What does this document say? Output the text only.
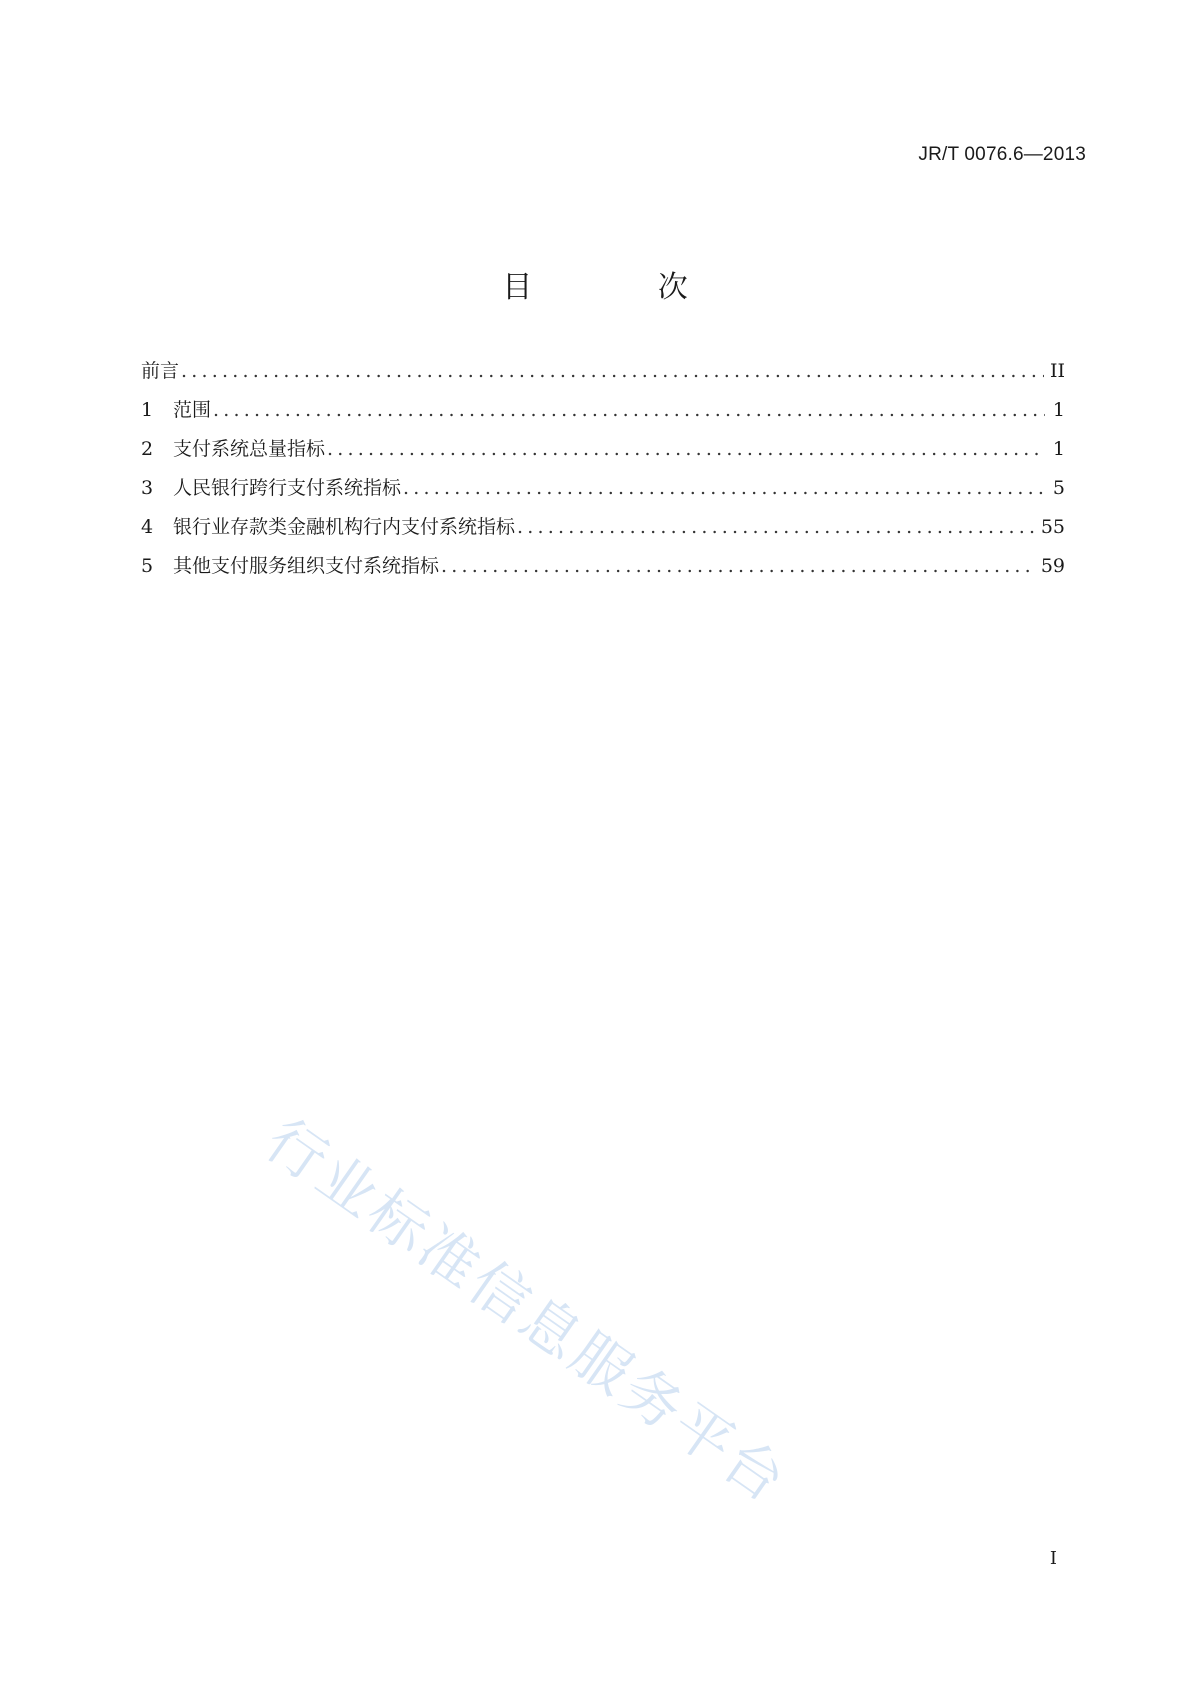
JR/T 0076.6—2013
目 次
前言 .....	II
1	范围 .....	1
2	支付系统总量指标 .....	1
3	人民银行跨行支付系统指标 .....	5
4	银行业存款类金融机构行内支付系统指标 .....	55
5	其他支付服务组织支付系统指标 .....	59
行业标准信息服务平台
I
